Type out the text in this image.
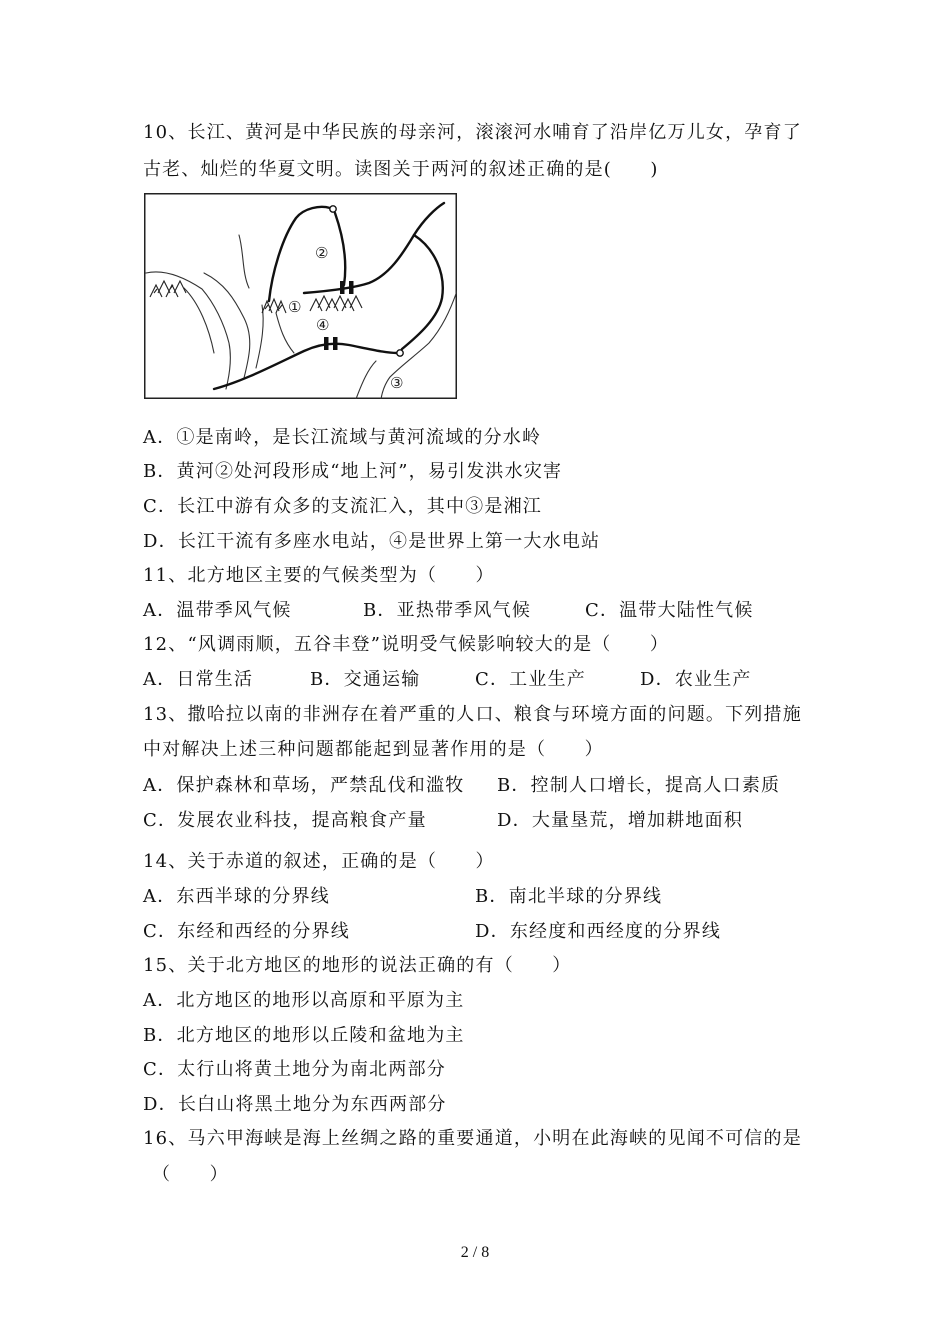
10、长江、黄河是中华民族的母亲河，滚滚河水哺育了沿岸亿万儿女，孕育了
古老、灿烂的华夏文明。读图关于两河的叙述正确的是(　　)
②
①
④
③
A．①是南岭，是长江流域与黄河流域的分水岭
B．黄河②处河段形成“地上河”，易引发洪水灾害
C．长江中游有众多的支流汇入，其中③是湘江
D．长江干流有多座水电站，④是世界上第一大水电站
11、北方地区主要的气候类型为（　　）
A．温带季风气候	B．亚热带季风气候	C．温带大陆性气候
12、“风调雨顺，五谷丰登”说明受气候影响较大的是（　　）
A．日常生活	B．交通运输	C．工业生产	D．农业生产
13、撒哈拉以南的非洲存在着严重的人口、粮食与环境方面的问题。下列措施
中对解决上述三种问题都能起到显著作用的是（　　）
A．保护森林和草场，严禁乱伐和滥牧 B．控制人口增长，提高人口素质
C．发展农业科技，提高粮食产量	D．大量垦荒，增加耕地面积
14、关于赤道的叙述，正确的是（　　）
A．东西半球的分界线	B．南北半球的分界线
C．东经和西经的分界线	D．东经度和西经度的分界线
15、关于北方地区的地形的说法正确的有（　　）
A．北方地区的地形以高原和平原为主
B．北方地区的地形以丘陵和盆地为主
C．太行山将黄土地分为南北两部分
D．长白山将黑土地分为东西两部分
16、马六甲海峡是海上丝绸之路的重要通道，小明在此海峡的见闻不可信的是
（　　）
2 / 8
